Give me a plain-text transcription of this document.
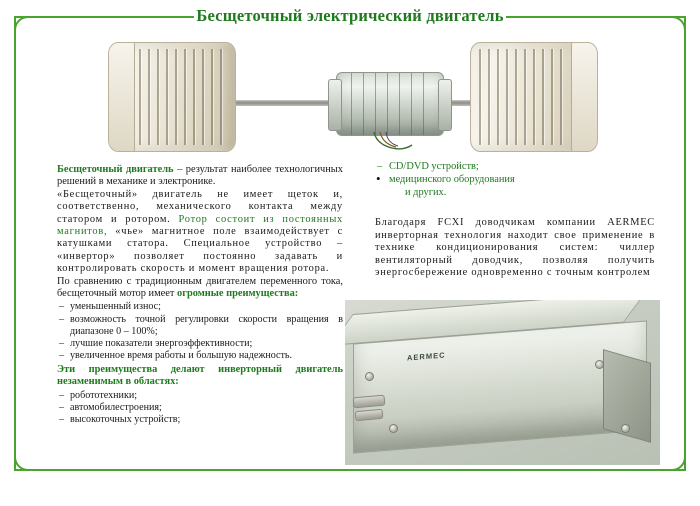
Бесщеточный электрический двигатель

Бесщеточный двигатель – результат наиболее технологичных решений в механике и электронике.

«Бесщеточный» двигатель не имеет щеток и, соответственно, механического контакта между статором и ротором. Ротор состоит из постоянных магнитов, «чье» магнитное поле взаимодействует с катушками статора. Специальное устройство – «инвертор» позволяет постоянно задавать и контролировать скорость и момент вращения ротора.

По сравнению с традиционным двигателем переменного тока, бесщеточный мотор имеет огромные преимущества:

– уменьшенный износ;
– возможность точной регулировки скорости вращения в диапазоне 0 – 100%;
– лучшие показатели энергоэффективности;
– увеличенное время работы и большую надежность.

Эти преимущества делают инверторный двигатель незаменимым в областях:

– робототехники;
– автомобилестроения;
– высокоточных устройств;
– CD/DVD устройств;
• медицинского оборудования
и других.

Благодаря FCXI доводчикам компании AERMEC инверторная технология находит свое применение в технике кондиционирования систем: чиллер вентиляторный доводчик, позволяя получить энергосбережение одновременно с точным контролем

AERMEC
